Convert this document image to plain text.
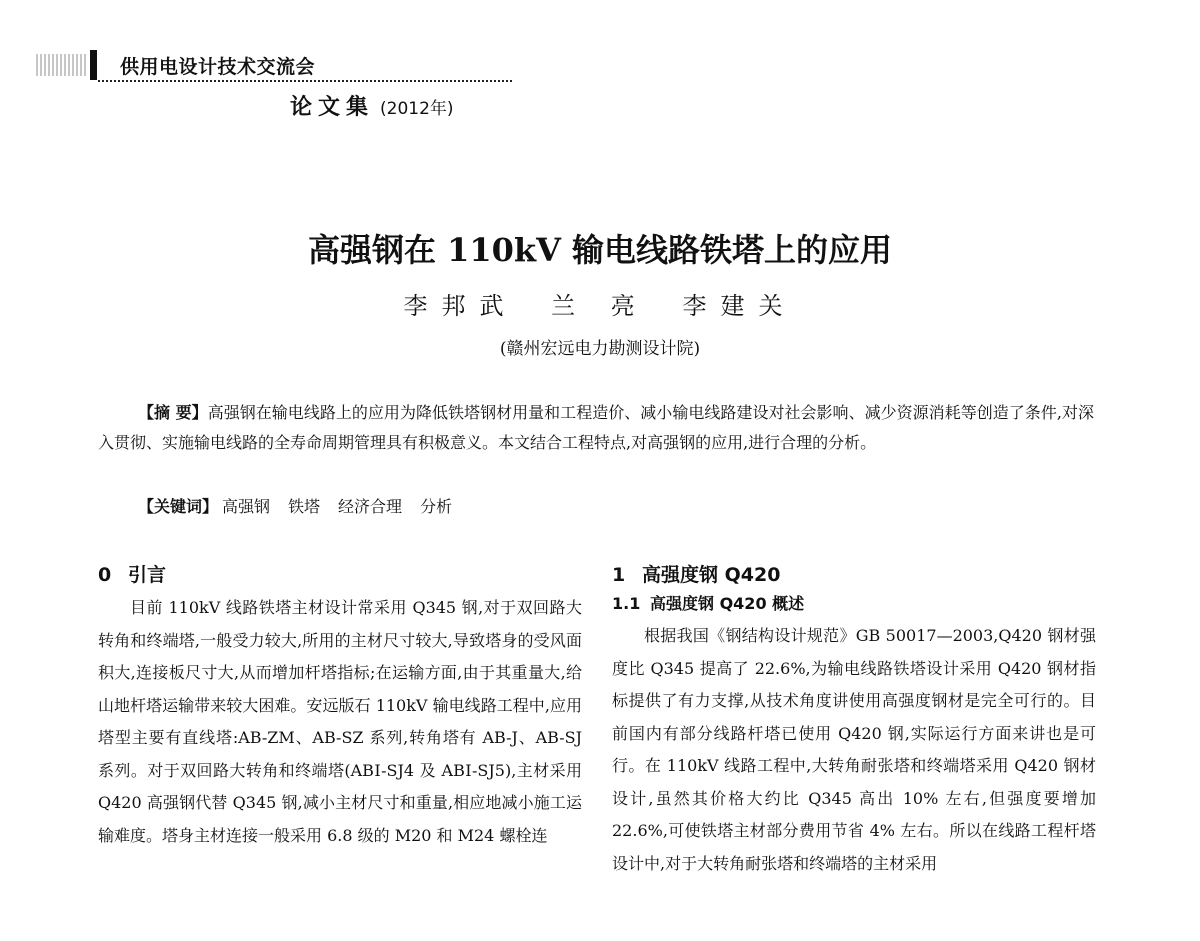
供用电设计技术交流会
论文集 (2012年)
高强钢在 110kV 输电线路铁塔上的应用
李邦武 兰 亮 李建关
(赣州宏远电力勘测设计院)

【摘 要】高强钢在输电线路上的应用为降低铁塔钢材用量和工程造价、减小输电线路建设对社会影响、减少资源消耗等创造了条件,对深入贯彻、实施输电线路的全寿命周期管理具有积极意义。本文结合工程特点,对高强钢的应用,进行合理的分析。

【关键词】 高强钢 铁塔 经济合理 分析
0 引言

目前 110kV 线路铁塔主材设计常采用 Q345 钢,对于双回路大转角和终端塔,一般受力较大,所用的主材尺寸较大,导致塔身的受风面积大,连接板尺寸大,从而增加杆塔指标;在运输方面,由于其重量大,给山地杆塔运输带来较大困难。安远版石 110kV 输电线路工程中,应用塔型主要有直线塔:AB-ZM、AB-SZ 系列,转角塔有 AB-J、AB-SJ 系列。对于双回路大转角和终端塔(ABⅠ-SJ4 及 ABⅠ-SJ5),主材采用 Q420 高强钢代替 Q345 钢,减小主材尺寸和重量,相应地减小施工运输难度。塔身主材连接一般采用 6.8 级的 M20 和 M24 螺栓连

1 高强度钢 Q420
1.1 高强度钢 Q420 概述

根据我国《钢结构设计规范》GB 50017—2003,Q420 钢材强度比 Q345 提高了 22.6%,为输电线路铁塔设计采用 Q420 钢材指标提供了有力支撑,从技术角度讲使用高强度钢材是完全可行的。目前国内有部分线路杆塔已使用 Q420 钢,实际运行方面来讲也是可行。在 110kV 线路工程中,大转角耐张塔和终端塔采用 Q420 钢材设计,虽然其价格大约比 Q345 高出 10% 左右,但强度要增加 22.6%,可使铁塔主材部分费用节省 4% 左右。所以在线路工程杆塔设计中,对于大转角耐张塔和终端塔的主材采用
